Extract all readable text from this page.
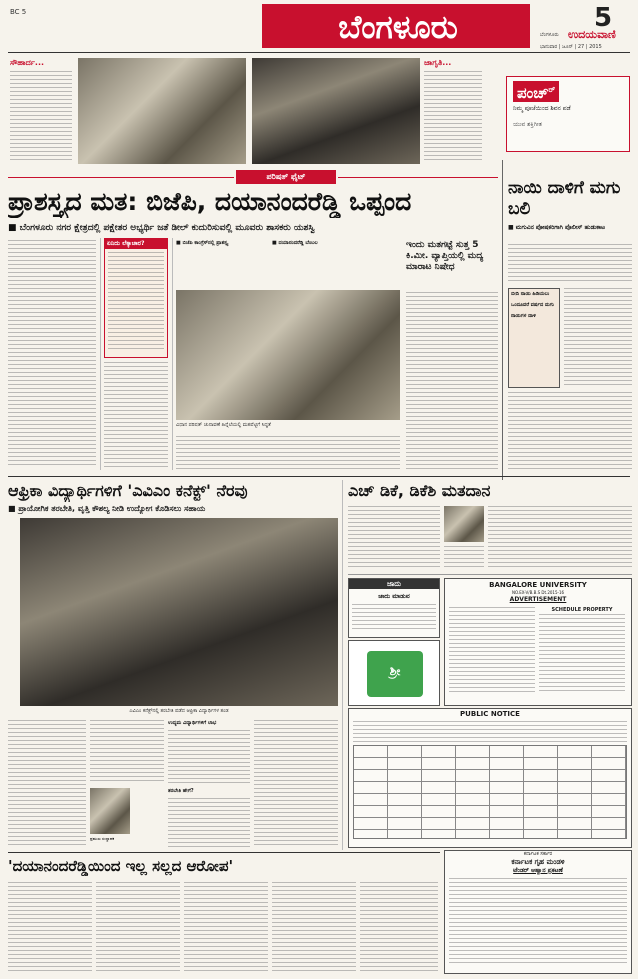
BC 5	ಬೆಂಗಳೂರು	5
ಬೆಂಗಳೂರು ಉದಯವಾಣಿ
ಭಾನುವಾರ | ಜೂನ್ | 27 | 2015
ಸೌಹಾರ್ದ...	ಜಾಗೃತಿ...
ಪಂಚ್$^{ರ್}$
ನಿಮ್ಮ ಪೂಜೆಯಿಂದ ಶಿವನ ಪಡೆ
ಯುವ ಶಕ್ತಿಗೀತ
ಪರಿಷತ್ ಫೈಟ್
ಪ್ರಾಶಸ್ತ್ಯದ ಮತ: ಬಿಜೆಪಿ, ದಯಾನಂದರೆಡ್ಡಿ ಒಪ್ಪಂದ
■ ಬೆಂಗಳೂರು ನಗರ ಕ್ಷೇತ್ರದಲ್ಲಿ ಪಕ್ಷೇತರ ಅಭ್ಯರ್ಥಿ ಜತೆ ಡೀಲ್ ಕುದುರಿಸುವಲ್ಲಿ ಮೂವರು ಶಾಸಕರು ಯಶಸ್ವಿ
ಏನಿದು ಲೆಕ್ಕಾಚಾರ?	■ ಬಿಜೆಪಿ ಕಾಂಗ್ರೆಸ್‌ನಲ್ಲಿ ಪ್ರಾಶಸ್ತ್ಯ	■ ದಯಾನಂದರೆಡ್ಡಿ ಬೆಂಬಲ
ವಿಧಾನ ಪರಿಷತ್ ಚುನಾವಣೆ ಹಿನ್ನೆಲೆಯಲ್ಲಿ ಮತಪೆಟ್ಟಿಗೆ ಸಿದ್ಧತೆ
ಇಂದು ಮತಗಟ್ಟೆ ಸುತ್ತ 5 ಕಿ.ಮೀ. ವ್ಯಾಪ್ತಿಯಲ್ಲಿ ಮದ್ಯ ಮಾರಾಟ ನಿಷೇಧ
ನಾಯಿ ದಾಳಿಗೆ ಮಗು ಬಲಿ
■ ಮಗುವಿನ ಪೋಷಕರಿಗಾಗಿ ಪೊಲೀಸ್ ಹುಡುಕಾಟ
ಬೀದಿ ನಾಯಿ ಹಿಡಿಯಲು
ಒಂದೂವರೆ ವರ್ಷದ ಮಗು
ನಾಯಿಗಳ ದಾಳಿ
ಆಫ್ರಿಕಾ ವಿದ್ಯಾರ್ಥಿಗಳಿಗೆ 'ಎವಿಎಂ ಕನೆಕ್ಟ್' ನೆರವು
■ ಪ್ರಾಯೋಗಿಕ ತರಬೇತಿ, ವೃತ್ತಿ ಕೌಶಲ್ಯ ನೀಡಿ ಉದ್ಯೋಗ ಕೊಡಿಸಲು ಸಹಾಯ
ಎವಿಎಂ ಕನೆಕ್ಟ್‌ನಲ್ಲಿ ತರಬೇತಿ ಪಡೆದ ಆಫ್ರಿಕಾ ವಿದ್ಯಾರ್ಥಿಗಳ ತಂಡ
ಪ್ರಮುಖ ಸಂಸ್ಥಾಪಕ
ಉದ್ಯಮ ವಿದ್ಯಾರ್ಥಿಗಳಿಗೆ ಲಾಭ
ತರಬೇತಿ ಹೇಗೆ?
ಎಚ್‌ ಡಿಕೆ, ಡಿಕೆಶಿ ಮತದಾನ
ಜಾದು
ಜಾದು ಮಾಡುವ
ಶ್ರೀ
BANGALORE UNIVERSITY
NO.EX-V/B.B.S Dt.2015-16
ADVERTISEMENT
SCHEDULE PROPERTY
PUBLIC NOTICE
ಕರ್ನಾಟಕ ಸರ್ಕಾರ
ಕರ್ನಾಟಕ ಗೃಹ ಮಂಡಳಿ
ಟೆಂಡರ್ ಆಹ್ವಾನ ಪ್ರಕಟಣೆ
'ದಯಾನಂದರೆಡ್ಡಿಯಿಂದ ಇಲ್ಲ ಸಲ್ಲದ ಆರೋಪ'
